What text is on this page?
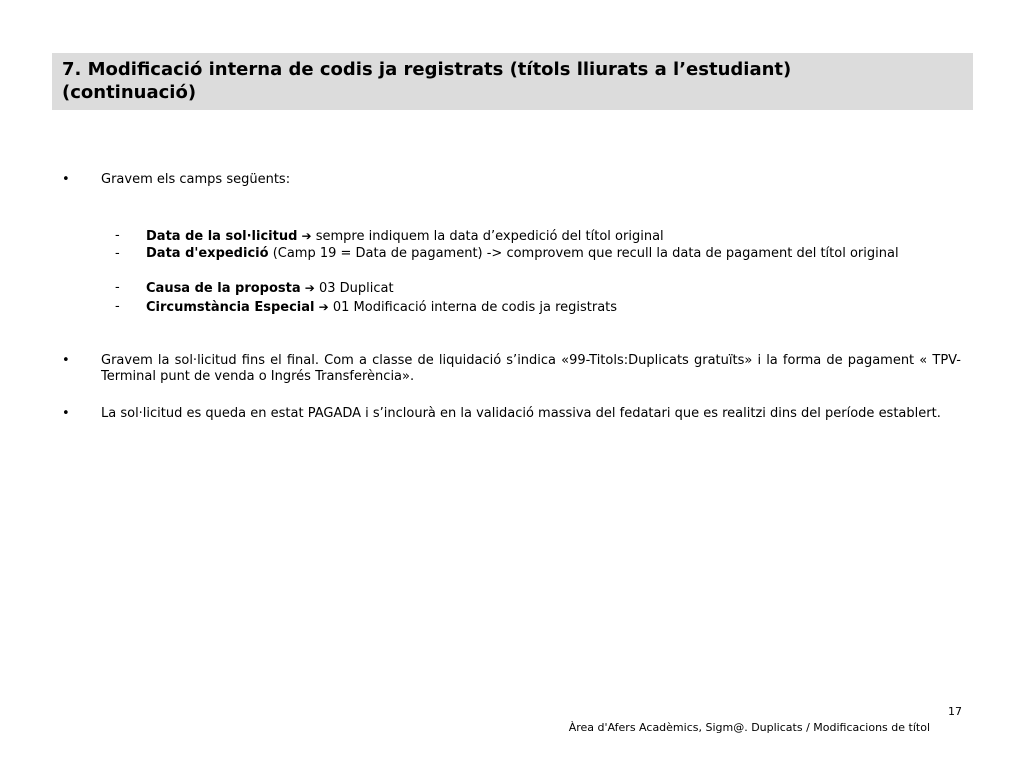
7. Modificació interna de codis ja registrats (títols lliurats a l’estudiant)

(continuació)

• Gravem els camps següents:
- Data de la sol·licitud ➔ sempre indiquem la data d’expedició del títol original
- Data d'expedició (Camp 19 = Data de pagament) -> comprovem que recull la data de pagament del títol original
- Causa de la proposta ➔ 03 Duplicat
- Circumstància Especial ➔ 01 Modificació interna de codis ja registrats
• Gravem la sol·licitud fins el final. Com a classe de liquidació s’indica «99-Titols:Duplicats gratuïts» i la forma de pagament « TPV-Terminal punt de venda o Ingrés Transferència».
• La sol·licitud es queda en estat PAGADA i s’inclourà en la validació massiva del fedatari que es realitzi dins del període establert.
17
Àrea d'Afers Acadèmics, Sigm@. Duplicats / Modificacions de títol
